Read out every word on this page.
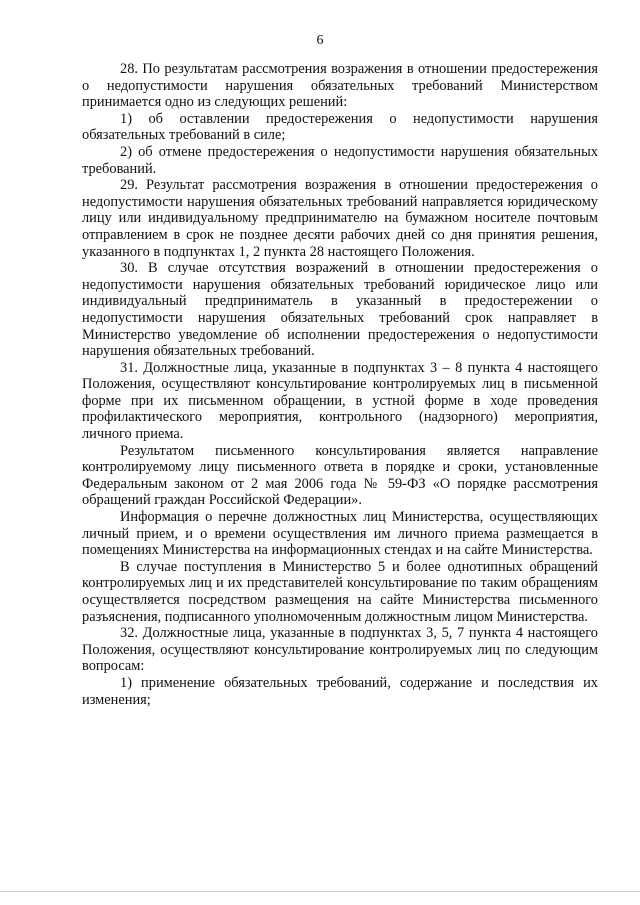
6

28. По результатам рассмотрения возражения в отношении предостережения о недопустимости нарушения обязательных требований Министерством принимается одно из следующих решений:

1) об оставлении предостережения о недопустимости нарушения обязательных требований в силе;

2) об отмене предостережения о недопустимости нарушения обязательных требований.

29. Результат рассмотрения возражения в отношении предостережения о недопустимости нарушения обязательных требований направляется юридическому лицу или индивидуальному предпринимателю на бумажном носителе почтовым отправлением в срок не позднее десяти рабочих дней со дня принятия решения, указанного в подпунктах 1, 2 пункта 28 настоящего Положения.

30. В случае отсутствия возражений в отношении предостережения о недопустимости нарушения обязательных требований юридическое лицо или индивидуальный предприниматель в указанный в предостережении о недопустимости нарушения обязательных требований срок направляет в Министерство уведомление об исполнении предостережения о недопустимости нарушения обязательных требований.

31. Должностные лица, указанные в подпунктах 3 – 8 пункта 4 настоящего Положения, осуществляют консультирование контролируемых лиц в письменной форме при их письменном обращении, в устной форме в ходе проведения профилактического мероприятия, контрольного (надзорного) мероприятия, личного приема.

Результатом письменного консультирования является направление контролируемому лицу письменного ответа в порядке и сроки, установленные Федеральным законом от 2 мая 2006 года № 59-ФЗ «О порядке рассмотрения обращений граждан Российской Федерации».

Информация о перечне должностных лиц Министерства, осуществляющих личный прием, и о времени осуществления им личного приема размещается в помещениях Министерства на информационных стендах и на сайте Министерства.

В случае поступления в Министерство 5 и более однотипных обращений контролируемых лиц и их представителей консультирование по таким обращениям осуществляется посредством размещения на сайте Министерства письменного разъяснения, подписанного уполномоченным должностным лицом Министерства.

32. Должностные лица, указанные в подпунктах 3, 5, 7 пункта 4 настоящего Положения, осуществляют консультирование контролируемых лиц по следующим вопросам:

1) применение обязательных требований, содержание и последствия их изменения;
